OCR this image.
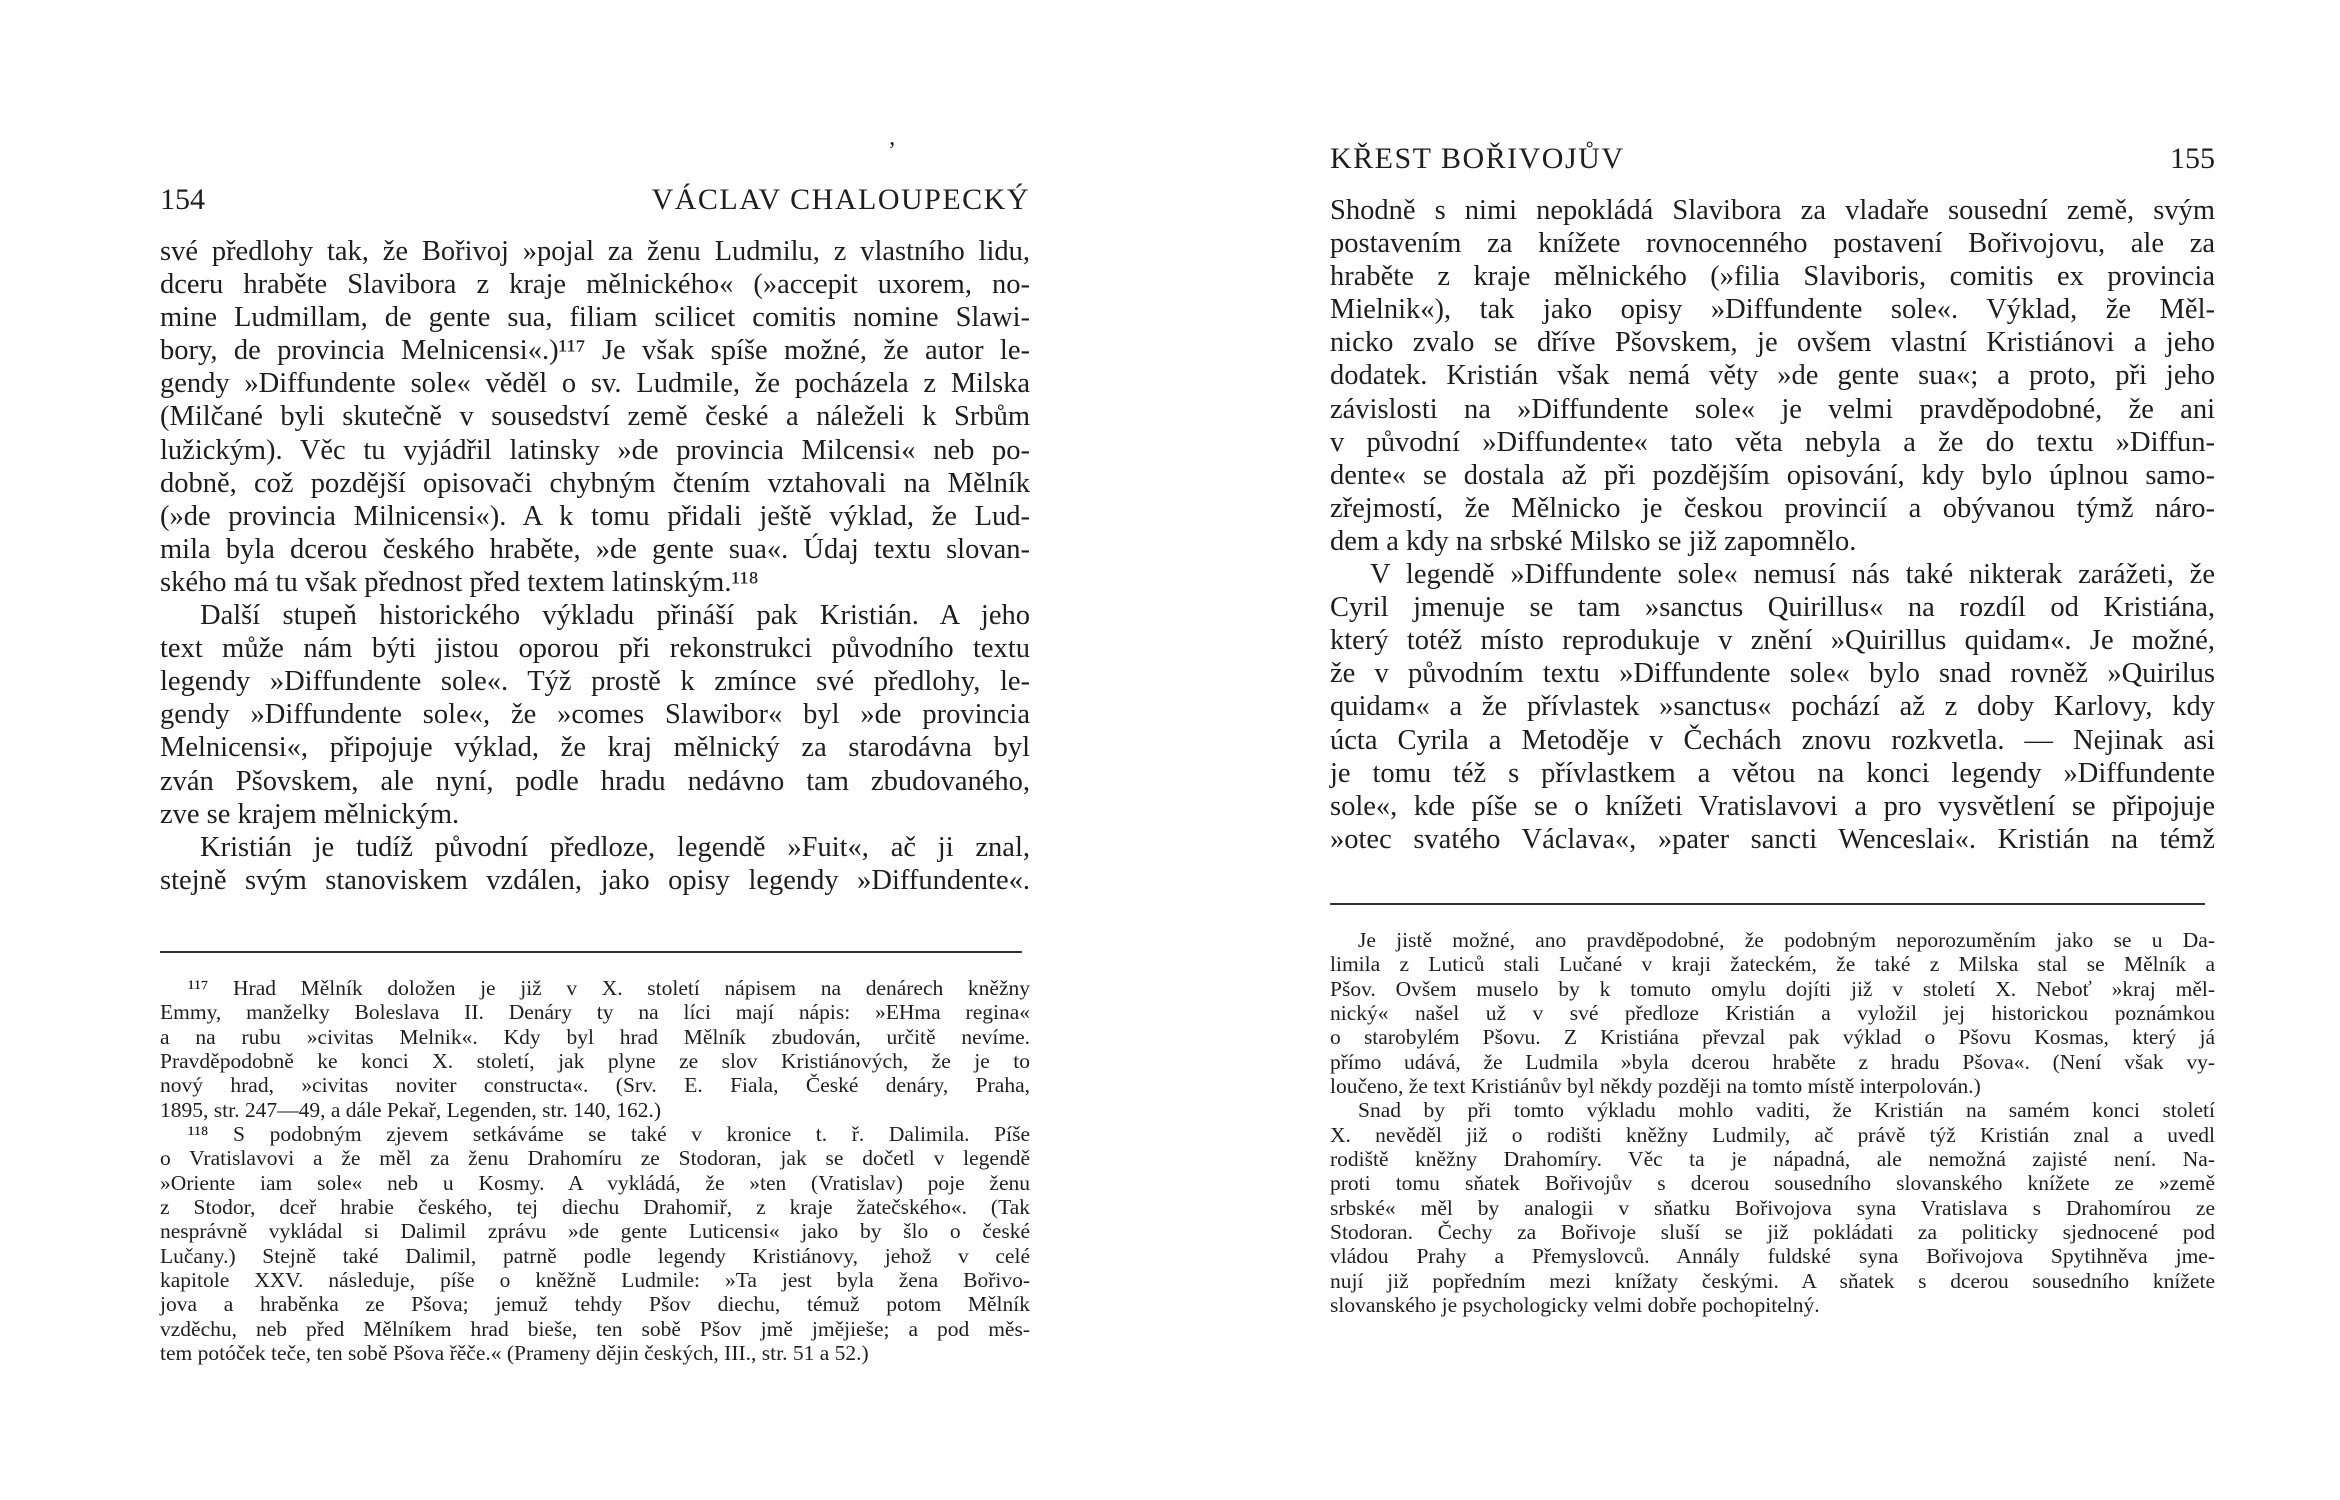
ʼ
154	VÁCLAV CHALOUPECKÝ
své předlohy tak, že Bořivoj »pojal za ženu Ludmilu, z vlastního lidu,
dceru hraběte Slavibora z kraje mělnického« (»accepit uxorem, no-
mine Ludmillam, de gente sua, filiam scilicet comitis nomine Slawi-
bory, de provincia Melnicensi«.)¹¹⁷ Je však spíše možné, že autor le-
gendy »Diffundente sole« věděl o sv. Ludmile, že pocházela z Milska
(Milčané byli skutečně v sousedství země české a náleželi k Srbům
lužickým). Věc tu vyjádřil latinsky »de provincia Milcensi« neb po-
dobně, což pozdější opisovači chybným čtením vztahovali na Mělník
(»de provincia Milnicensi«). A k tomu přidali ještě výklad, že Lud-
mila byla dcerou českého hraběte, »de gente sua«. Údaj textu slovan-
ského má tu však přednost před textem latinským.¹¹⁸
Další stupeň historického výkladu přináší pak Kristián. A jeho
text může nám býti jistou oporou při rekonstrukci původního textu
legendy »Diffundente sole«. Týž prostě k zmínce své předlohy, le-
gendy »Diffundente sole«, že »comes Slawibor« byl »de provincia
Melnicensi«, připojuje výklad, že kraj mělnický za starodávna byl
zván Pšovskem, ale nyní, podle hradu nedávno tam zbudovaného,
zve se krajem mělnickým.
Kristián je tudíž původní předloze, legendě »Fuit«, ač ji znal,
stejně svým stanoviskem vzdálen, jako opisy legendy »Diffundente«.
¹¹⁷ Hrad Mělník doložen je již v X. století nápisem na denárech kněžny
Emmy, manželky Boleslava II. Denáry ty na líci mají nápis: »EHma regina«
a na rubu »civitas Melnik«. Kdy byl hrad Mělník zbudován, určitě nevíme.
Pravděpodobně ke konci X. století, jak plyne ze slov Kristiánových, že je to
nový hrad, »civitas noviter constructa«. (Srv. E. Fiala, České denáry, Praha,
1895, str. 247—49, a dále Pekař, Legenden, str. 140, 162.)
¹¹⁸ S podobným zjevem setkáváme se také v kronice t. ř. Dalimila. Píše
o Vratislavovi a že měl za ženu Drahomíru ze Stodoran, jak se dočetl v legendě
»Oriente iam sole« neb u Kosmy. A vykládá, že »ten (Vratislav) poje ženu
z Stodor, dceř hrabie českého, tej diechu Drahomiř, z kraje žatečského«. (Tak
nesprávně vykládal si Dalimil zprávu »de gente Luticensi« jako by šlo o české
Lučany.) Stejně také Dalimil, patrně podle legendy Kristiánovy, jehož v celé
kapitole XXV. následuje, píše o kněžně Ludmile: »Ta jest byla žena Bořivo-
jova a hraběnka ze Pšova; jemuž tehdy Pšov diechu, témuž potom Mělník
vzděchu, neb před Mělníkem hrad biešе, ten sobě Pšov jmě jmějiešе; a pod měs-
tem potóček teče, ten sobě Pšova řěčе.« (Prameny dějin českých, III., str. 51 a 52.)
KŘEST BOŘIVOJŮV	155
Shodně s nimi nepokládá Slavibora za vladaře sousední země, svým
postavením za knížete rovnocenného postavení Bořivojovu, ale za
hraběte z kraje mělnického (»filia Slaviboris, comitis ex provincia
Mielnik«), tak jako opisy »Diffundente sole«. Výklad, že Měl-
nicko zvalo se dříve Pšovskem, je ovšem vlastní Kristiánovi a jeho
dodatek. Kristián však nemá věty »de gente sua«; a proto, při jeho
závislosti na »Diffundente sole« je velmi pravděpodobné, že ani
v původní »Diffundente« tato věta nebyla a že do textu »Diffun-
dente« se dostala až při pozdějším opisování, kdy bylo úplnou samo-
zřejmostí, že Mělnicko je českou provincií a obývanou týmž náro-
dem a kdy na srbské Milsko se již zapomnělo.
V legendě »Diffundente sole« nemusí nás také nikterak zarážeti, že
Cyril jmenuje se tam »sanctus Quirillus« na rozdíl od Kristiána,
který totéž místo reprodukuje v znění »Quirillus quidam«. Je možné,
že v původním textu »Diffundente sole« bylo snad rovněž »Quirilus
quidam« a že přívlastek »sanctus« pochází až z doby Karlovy, kdy
úcta Cyrila a Metoděje v Čechách znovu rozkvetla. — Nejinak asi
je tomu též s přívlastkem a větou na konci legendy »Diffundente
sole«, kde píše se o knížeti Vratislavovi a pro vysvětlení se připojuje
»otec svatého Václava«, »pater sancti Wenceslai«. Kristián na témž
Je jistě možné, ano pravděpodobné, že podobným neporozuměním jako se u Da-
limila z Luticů stali Lučané v kraji žateckém, že také z Milska stal se Mělník a
Pšov. Ovšem muselo by k tomuto omylu dojíti již v století X. Neboť »kraj měl-
nický« našel už v své předloze Kristián a vyložil jej historickou poznámkou
o starobylém Pšovu. Z Kristiána převzal pak výklad o Pšovu Kosmas, který já
přímo udává, že Ludmila »byla dcerou hraběte z hradu Pšova«. (Není však vy-
loučeno, že text Kristiánův byl někdy později na tomto místě interpolován.)
Snad by při tomto výkladu mohlo vaditi, že Kristián na samém konci století
X. nevěděl již o rodišti kněžny Ludmily, ač právě týž Kristián znal a uvedl
rodiště kněžny Drahomíry. Věc ta je nápadná, ale nemožná zajisté není. Na-
proti tomu sňatek Bořivojův s dcerou sousedního slovanského knížete ze »země
srbské« měl by analogii v sňatku Bořivojova syna Vratislava s Drahomírou ze
Stodoran. Čechy za Bořivoje sluší se již pokládati za politicky sjednocené pod
vládou Prahy a Přemyslovců. Annály fuldské syna Bořivojova Spytihněva jme-
nují již popředním mezi knížaty českými. A sňatek s dcerou sousedního knížete
slovanského je psychologicky velmi dobře pochopitelný.
